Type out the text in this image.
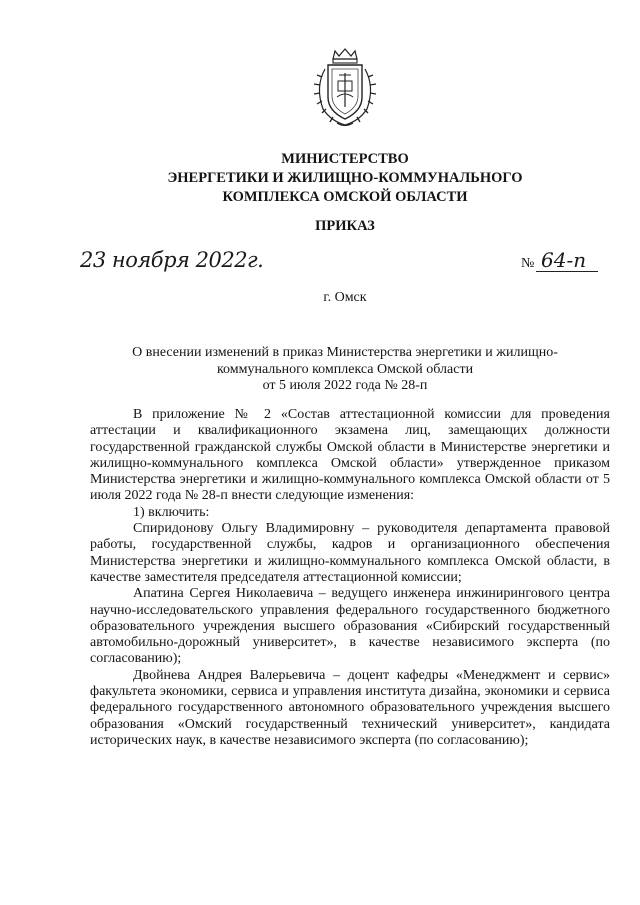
МИНИСТЕРСТВО
ЭНЕРГЕТИКИ И ЖИЛИЩНО-КОММУНАЛЬНОГО
КОМПЛЕКСА ОМСКОЙ ОБЛАСТИ
ПРИКАЗ
23 ноября 2022г.	№ 64-п
г. Омск
О внесении изменений в приказ Министерства энергетики и жилищно-
коммунального комплекса Омской области
от 5 июля 2022 года № 28-п

В приложение № 2 «Состав аттестационной комиссии для проведения аттестации и квалификационного экзамена лиц, замещающих должности государственной гражданской службы Омской области в Министерстве энергетики и жилищно-коммунального комплекса Омской области» утвержденное приказом Министерства энергетики и жилищно-коммунального комплекса Омской области от 5 июля 2022 года № 28-п внести следующие изменения:

1) включить:

Спиридонову Ольгу Владимировну – руководителя департамента правовой работы, государственной службы, кадров и организационного обеспечения Министерства энергетики и жилищно-коммунального комплекса Омской области, в качестве заместителя председателя аттестационной комиссии;

Апатина Сергея Николаевича – ведущего инженера инжинирингового центра научно-исследовательского управления федерального государственного бюджетного образовательного учреждения высшего образования «Сибирский государственный автомобильно-дорожный университет», в качестве независимого эксперта (по согласованию);

Двойнева Андрея Валерьевича – доцент кафедры «Менеджмент и сервис» факультета экономики, сервиса и управления института дизайна, экономики и сервиса федерального государственного автономного образовательного учреждения высшего образования «Омский государственный технический университет», кандидата исторических наук, в качестве независимого эксперта (по согласованию);
